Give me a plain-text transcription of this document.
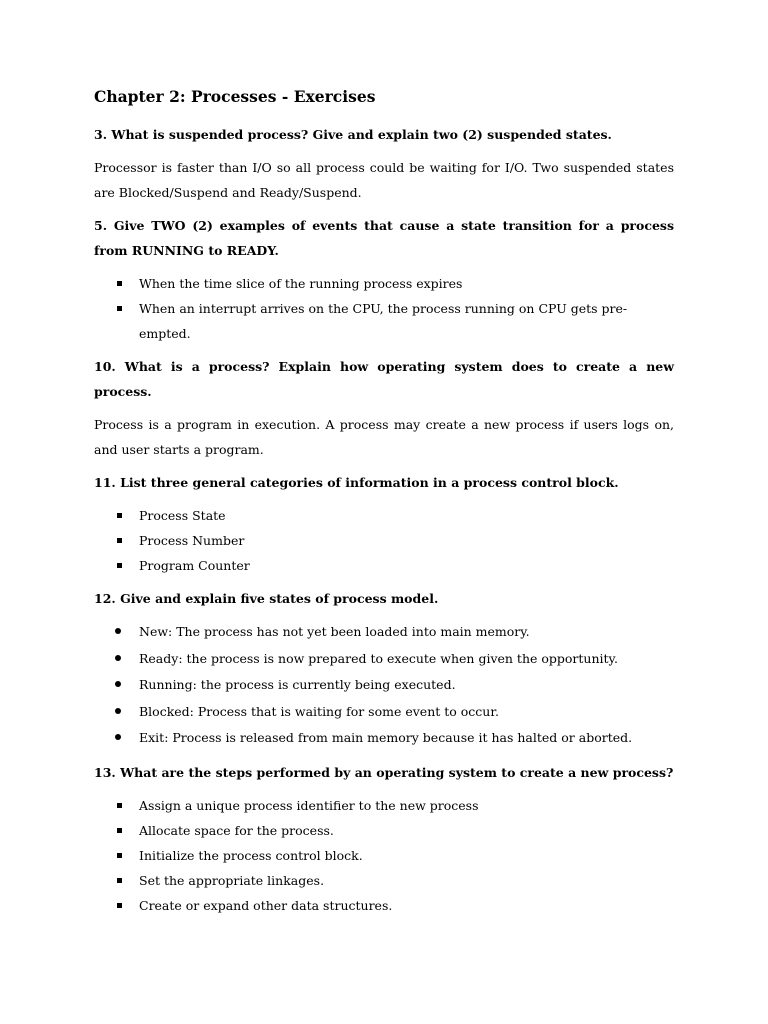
Chapter 2: Processes - Exercises

3. What is suspended process? Give and explain two (2) suspended states.

Processor is faster than I/O so all process could be waiting for I/O. Two suspended states are Blocked/Suspend and Ready/Suspend.

5. Give TWO (2) examples of events that cause a state transition for a process from RUNNING to READY.

When the time slice of the running process expires
When an interrupt arrives on the CPU, the process running on CPU gets pre-empted.

10. What is a process? Explain how operating system does to create a new process.

Process is a program in execution. A process may create a new process if users logs on, and user starts a program.

11. List three general categories of information in a process control block.

Process State
Process Number
Program Counter

12. Give and explain five states of process model.

New: The process has not yet been loaded into main memory.
Ready: the process is now prepared to execute when given the opportunity.
Running: the process is currently being executed.
Blocked: Process that is waiting for some event to occur.
Exit: Process is released from main memory because it has halted or aborted.

13. What are the steps performed by an operating system to create a new process?

Assign a unique process identifier to the new process
Allocate space for the process.
Initialize the process control block.
Set the appropriate linkages.
Create or expand other data structures.
